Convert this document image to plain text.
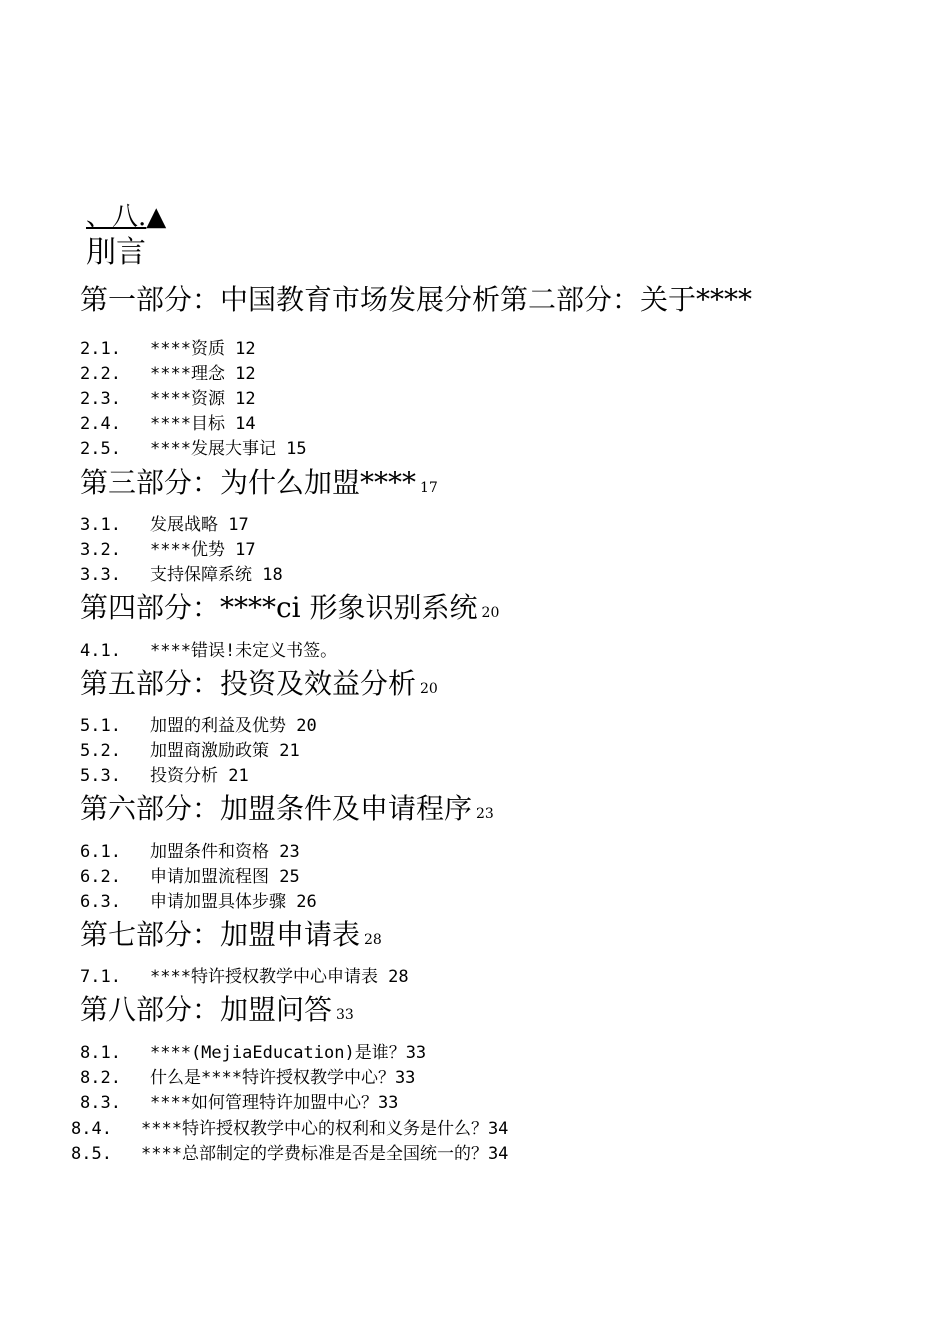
、八.▲
刖言
第一部分：中国教育市场发展分析第二部分：关于****
2.1. ****资质 12
2.2. ****理念 12
2.3. ****资源 12
2.4. ****目标 14
2.5. ****发展大事记 15
第三部分：为什么加盟**** 17
3.1. 发展战略 17
3.2. ****优势 17
3.3. 支持保障系统 18
第四部分：****ci 形象识别系统 20
4.1. ****错误!未定义书签。
第五部分：投资及效益分析 20
5.1. 加盟的利益及优势 20
5.2. 加盟商激励政策 21
5.3. 投资分析 21
第六部分：加盟条件及申请程序 23
6.1. 加盟条件和资格 23
6.2. 申请加盟流程图 25
6.3. 申请加盟具体步骤 26
第七部分：加盟申请表 28
7.1. ****特许授权教学中心申请表 28
第八部分：加盟问答 33
8.1. ****(MejiaEducation)是谁？33
8.2. 什么是****特许授权教学中心？33
8.3. ****如何管理特许加盟中心？33
8.4. ****特许授权教学中心的权利和义务是什么？34
8.5. ****总部制定的学费标准是否是全国统一的？34
